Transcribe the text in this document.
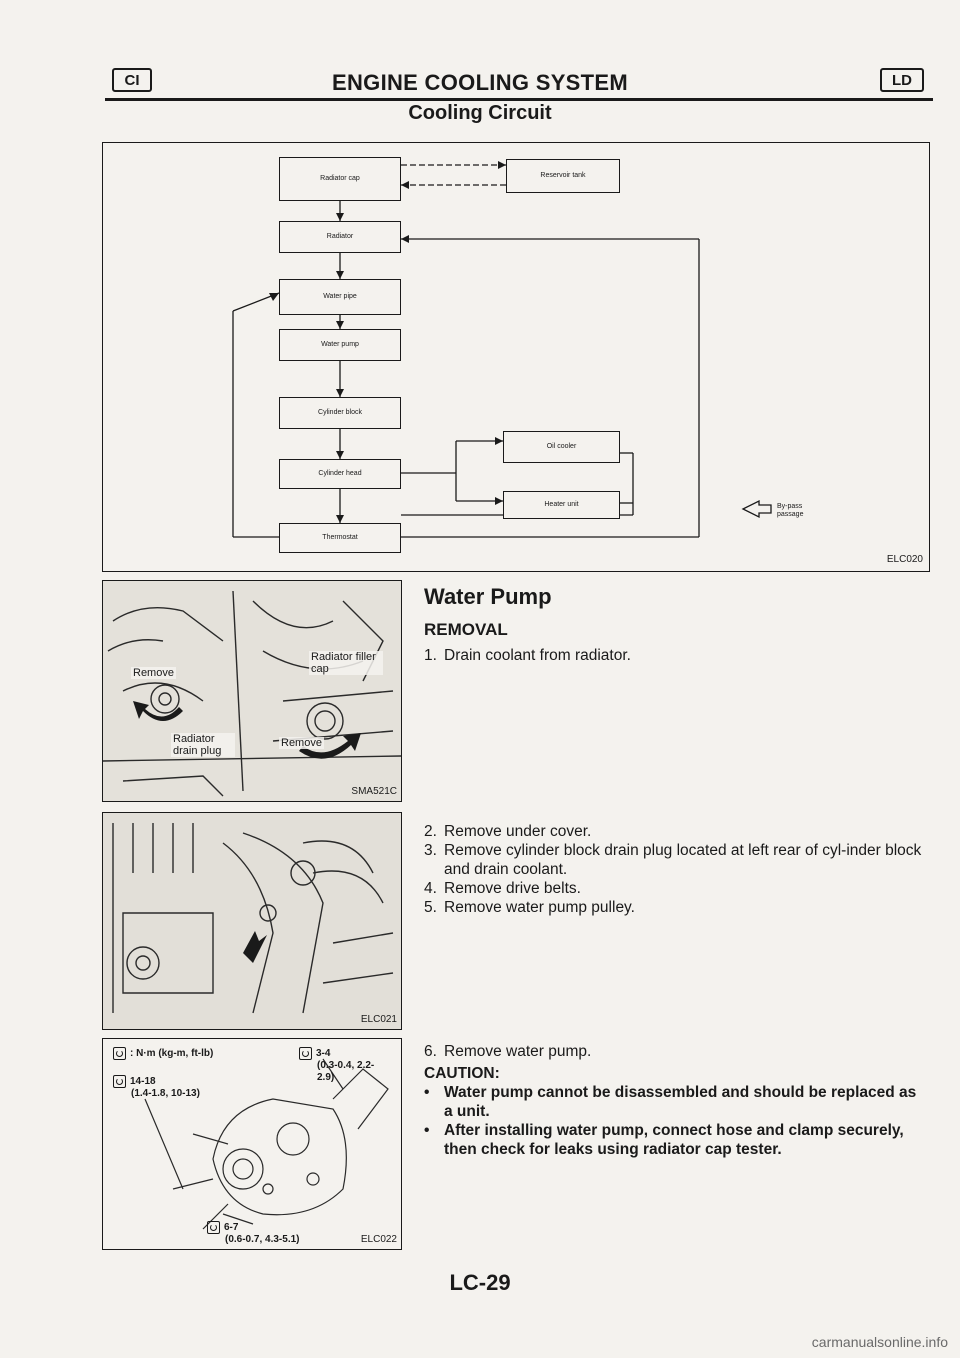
CI	ENGINE COOLING SYSTEM	LD
Cooling Circuit
Radiator cap	Reservoir tank
Radiator
Water pipe
Water pump
Cylinder block
Oil cooler
Cylinder head
Heater unit
Thermostat
By-pass passage
ELC020
Remove
Radiator filler cap
Radiator drain plug
Remove
SMA521C
ELC021
: N·m (kg-m, ft-lb)
14-18
(1.4-1.8, 10-13)
3-4
(0.3-0.4, 2.2-2.9)
6-7
(0.6-0.7, 4.3-5.1)	ELC022
Water Pump
REMOVAL
1. Drain coolant from radiator.
2. Remove under cover.
3. Remove cylinder block drain plug located at left rear of cyl-inder block and drain coolant.
4. Remove drive belts.
5. Remove water pump pulley.
6. Remove water pump.
CAUTION:
• Water pump cannot be disassembled and should be replaced as a unit.
• After installing water pump, connect hose and clamp securely, then check for leaks using radiator cap tester.
LC-29
carmanualsonline.info
